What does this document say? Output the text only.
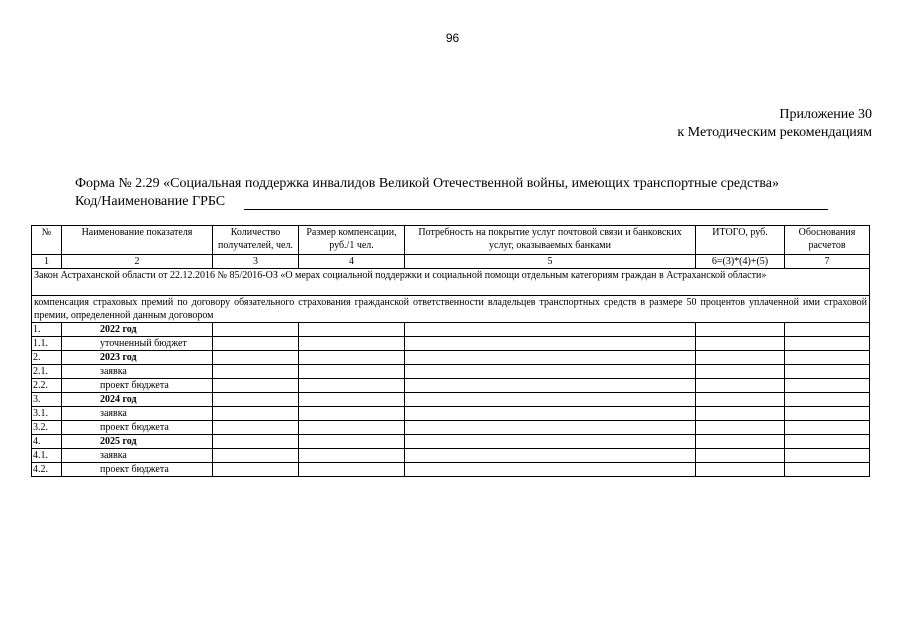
96
Приложение 30
к Методическим рекомендациям
Форма № 2.29 «Социальная поддержка инвалидов Великой Отечественной войны, имеющих транспортные средства»
Код/Наименование ГРБС
№	Наименование показателя	Количество получателей, чел.	Размер компенсации, руб./1 чел.	Потребность на покрытие услуг почтовой связи и банковских услуг, оказываемых банками	ИТОГО, руб.	Обоснования расчетов
1	2	3	4	5	6=(3)*(4)+(5)	7
Закон Астраханской области от 22.12.2016 № 85/2016-ОЗ «О мерах социальной поддержки и социальной помощи отдельным категориям граждан в Астраханской области»						
компенсация страховых премий по договору обязательного страхования гражданской ответственности владельцев транспортных средств в размере 50 процентов уплаченной ими страховой премии, определенной данным договором						
1.	2022 год					
1.1.	уточненный бюджет					
2.	2023 год					
2.1.	заявка					
2.2.	проект бюджета					
3.	2024 год					
3.1.	заявка					
3.2.	проект бюджета					
4.	2025 год					
4.1.	заявка					
4.2.	проект бюджета					
